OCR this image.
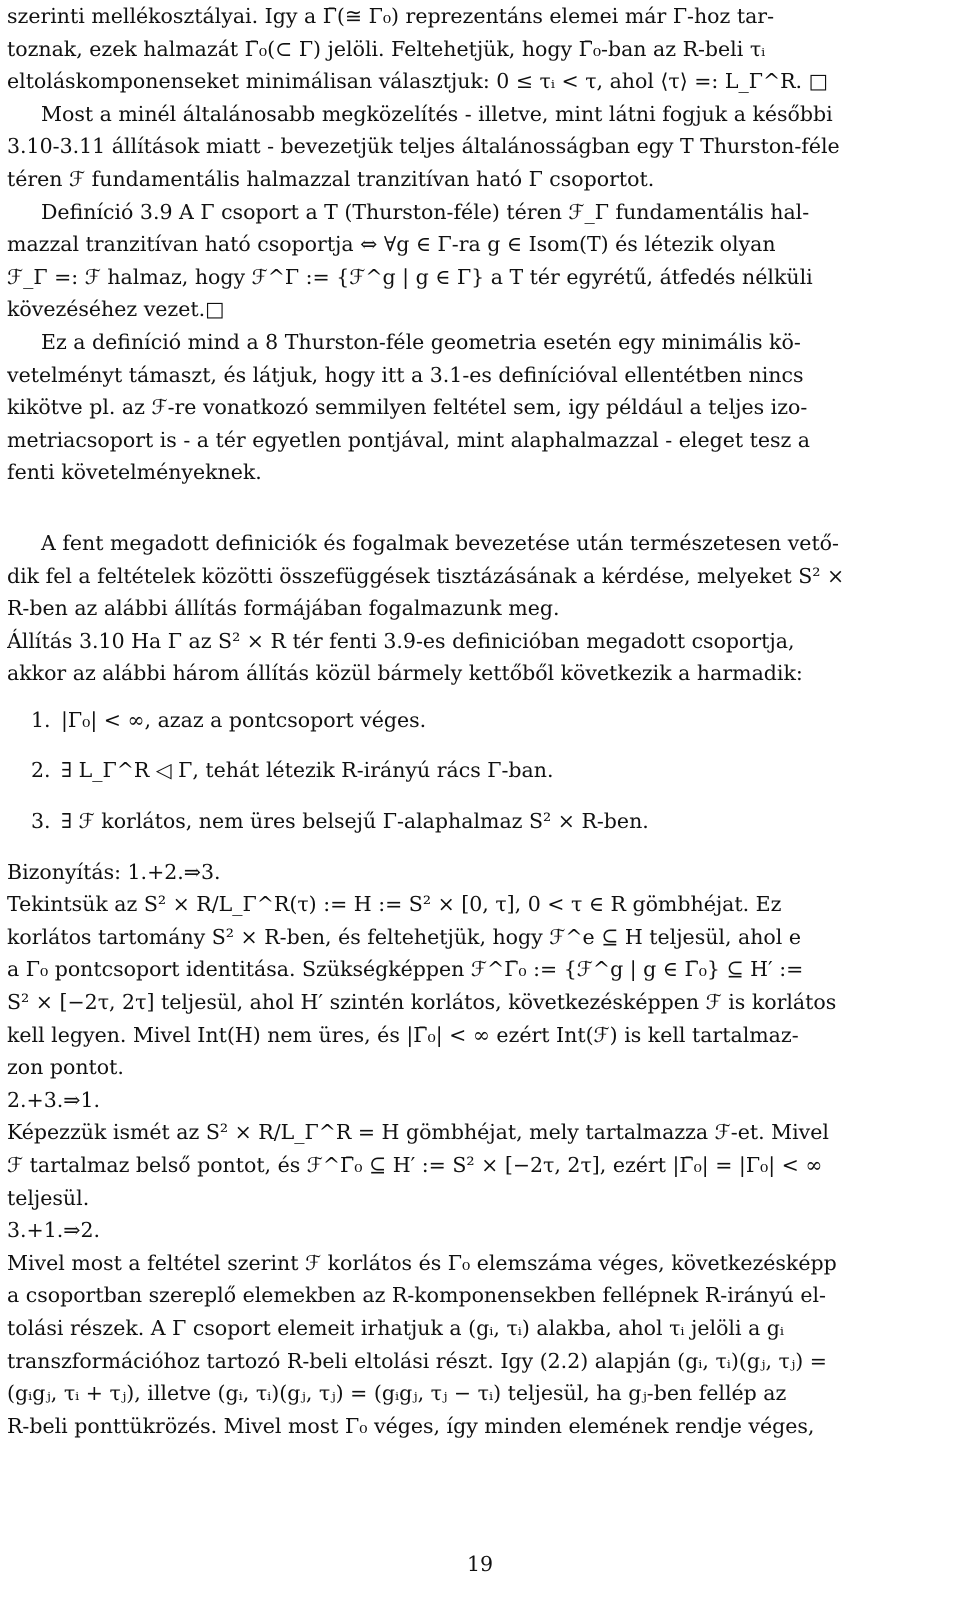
szerinti mellékosztályai. Igy a Γ̄(≅ Γ₀) reprezentáns elemei már Γ-hoz tar-
toznak, ezek halmazát Γ̄₀(⊂ Γ) jelöli. Feltehetjük, hogy Γ̄₀-ban az R-beli τᵢ
eltoláskomponenseket minimálisan választjuk: 0 ≤ τᵢ < τ, ahol ⟨τ⟩ =: L_Γ^R. □
Most a minél általánosabb megközelítés - illetve, mint látni fogjuk a későbbi
3.10-3.11 állítások miatt - bevezetjük teljes általánosságban egy T Thurston-féle
téren ℱ fundamentális halmazzal tranzitívan ható Γ csoportot.
Definíció 3.9 A Γ csoport a T (Thurston-féle) téren ℱ_Γ fundamentális hal-
mazzal tranzitívan ható csoportja ⇔ ∀g ∈ Γ-ra g ∈ Isom(T) és létezik olyan
ℱ_Γ =: ℱ halmaz, hogy ℱ^Γ := {ℱ^g | g ∈ Γ} a T tér egyrétű, átfedés nélküli
kövezéséhez vezet.□
Ez a definíció mind a 8 Thurston-féle geometria esetén egy minimális kö-
vetelményt támaszt, és látjuk, hogy itt a 3.1-es definícióval ellentétben nincs
kikötve pl. az ℱ-re vonatkozó semmilyen feltétel sem, igy például a teljes izo-
metriacsoport is - a tér egyetlen pontjával, mint alaphalmazzal - eleget tesz a
fenti követelményeknek.
A fent megadott definiciók és fogalmak bevezetése után természetesen vető-
dik fel a feltételek közötti összefüggések tisztázásának a kérdése, melyeket S² ×
R-ben az alábbi állítás formájában fogalmazunk meg.
Állítás 3.10 Ha Γ az S² × R tér fenti 3.9-es definicióban megadott csoportja,
akkor az alábbi három állítás közül bármely kettőből következik a harmadik:
1. |Γ₀| < ∞, azaz a pontcsoport véges.
2. ∃ L_Γ^R ◁ Γ, tehát létezik R-irányú rács Γ-ban.
3. ∃ ℱ korlátos, nem üres belsejű Γ-alaphalmaz S² × R-ben.
Bizonyítás: 1.+2.⇒3.
Tekintsük az S² × R/L_Γ^R(τ) := H := S² × [0, τ], 0 < τ ∈ R gömbhéjat. Ez
korlátos tartomány S² × R-ben, és feltehetjük, hogy ℱ^e ⊆ H teljesül, ahol e
a Γ₀ pontcsoport identitása. Szükségképpen ℱ^Γ̄₀ := {ℱ^g | g ∈ Γ̄₀} ⊆ H′ :=
S² × [−2τ, 2τ] teljesül, ahol H′ szintén korlátos, következésképpen ℱ is korlátos
kell legyen. Mivel Int(H) nem üres, és |Γ̄₀| < ∞ ezért Int(ℱ) is kell tartalmaz-
zon pontot.
2.+3.⇒1.
Képezzük ismét az S² × R/L_Γ^R = H gömbhéjat, mely tartalmazza ℱ-et. Mivel
ℱ tartalmaz belső pontot, és ℱ^Γ̄₀ ⊆ H′ := S² × [−2τ, 2τ], ezért |Γ̄₀| = |Γ₀| < ∞
teljesül.
3.+1.⇒2.
Mivel most a feltétel szerint ℱ korlátos és Γ₀ elemszáma véges, következésképp
a csoportban szereplő elemekben az R-komponensekben fellépnek R-irányú el-
tolási részek. A Γ csoport elemeit irhatjuk a (gᵢ, τᵢ) alakba, ahol τᵢ jelöli a gᵢ
transzformációhoz tartozó R-beli eltolási részt. Igy (2.2) alapján (gᵢ, τᵢ)(gⱼ, τⱼ) =
(gᵢgⱼ, τᵢ + τⱼ), illetve (gᵢ, τᵢ)(gⱼ, τⱼ) = (gᵢgⱼ, τⱼ − τᵢ) teljesül, ha gⱼ-ben fellép az
R-beli ponttükrözés. Mivel most Γ₀ véges, így minden elemének rendje véges,
19
